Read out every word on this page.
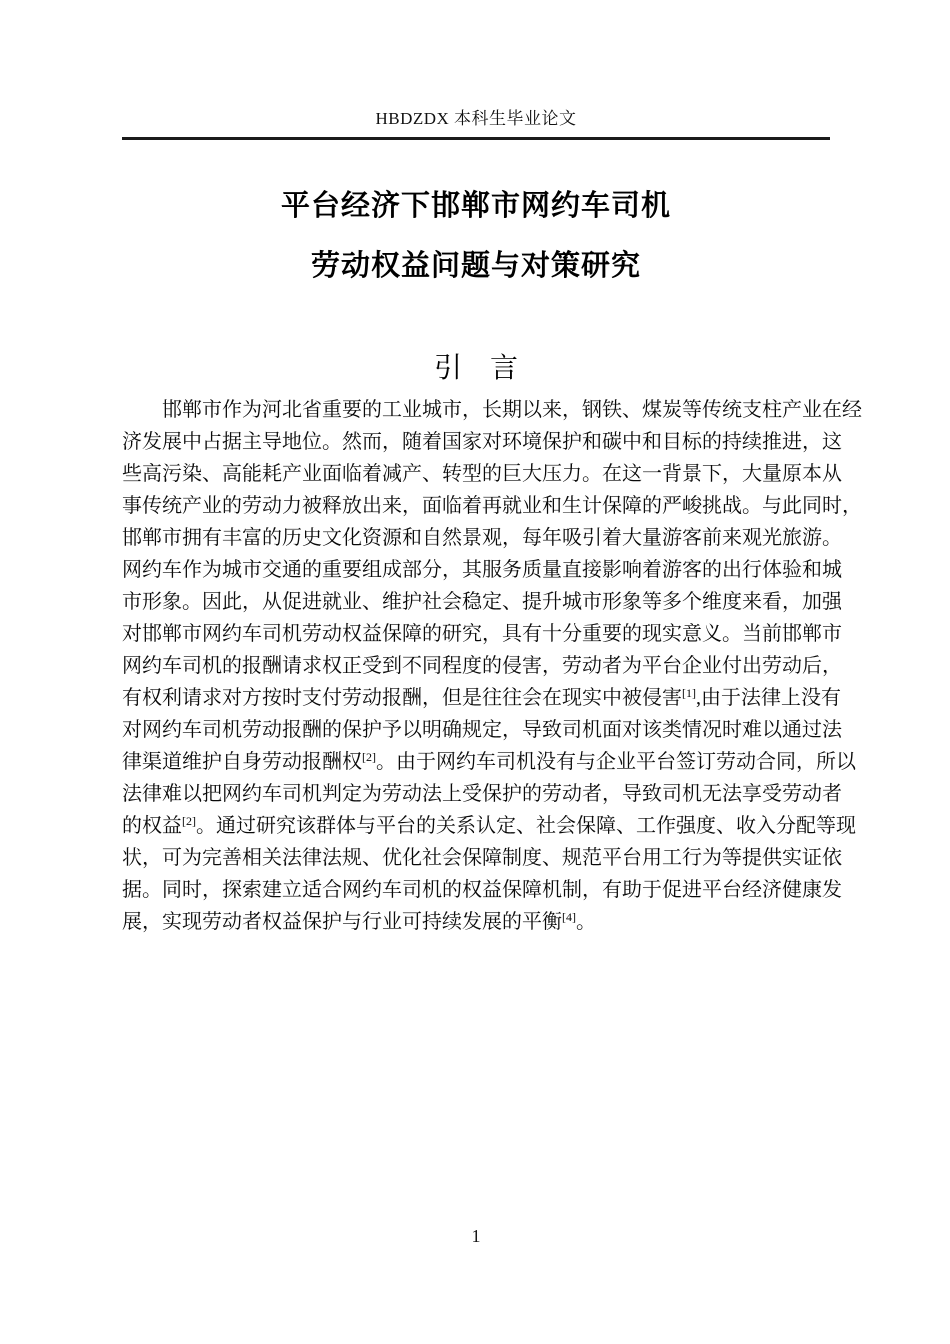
HBDZDX 本科生毕业论文
平台经济下邯郸市网约车司机
劳动权益问题与对策研究
引　言
邯郸市作为河北省重要的工业城市，长期以来，钢铁、煤炭等传统支柱产业在经
济发展中占据主导地位。然而，随着国家对环境保护和碳中和目标的持续推进，这
些高污染、高能耗产业面临着减产、转型的巨大压力。在这一背景下，大量原本从
事传统产业的劳动力被释放出来，面临着再就业和生计保障的严峻挑战。与此同时，
邯郸市拥有丰富的历史文化资源和自然景观，每年吸引着大量游客前来观光旅游。
网约车作为城市交通的重要组成部分，其服务质量直接影响着游客的出行体验和城
市形象。因此，从促进就业、维护社会稳定、提升城市形象等多个维度来看，加强
对邯郸市网约车司机劳动权益保障的研究，具有十分重要的现实意义。当前邯郸市
网约车司机的报酬请求权正受到不同程度的侵害，劳动者为平台企业付出劳动后，
有权利请求对方按时支付劳动报酬，但是往往会在现实中被侵害[1],由于法律上没有
对网约车司机劳动报酬的保护予以明确规定，导致司机面对该类情况时难以通过法
律渠道维护自身劳动报酬权[2]。由于网约车司机没有与企业平台签订劳动合同，所以
法律难以把网约车司机判定为劳动法上受保护的劳动者，导致司机无法享受劳动者
的权益[2]。通过研究该群体与平台的关系认定、社会保障、工作强度、收入分配等现
状，可为完善相关法律法规、优化社会保障制度、规范平台用工行为等提供实证依
据。同时，探索建立适合网约车司机的权益保障机制，有助于促进平台经济健康发
展，实现劳动者权益保护与行业可持续发展的平衡[4]。
1
